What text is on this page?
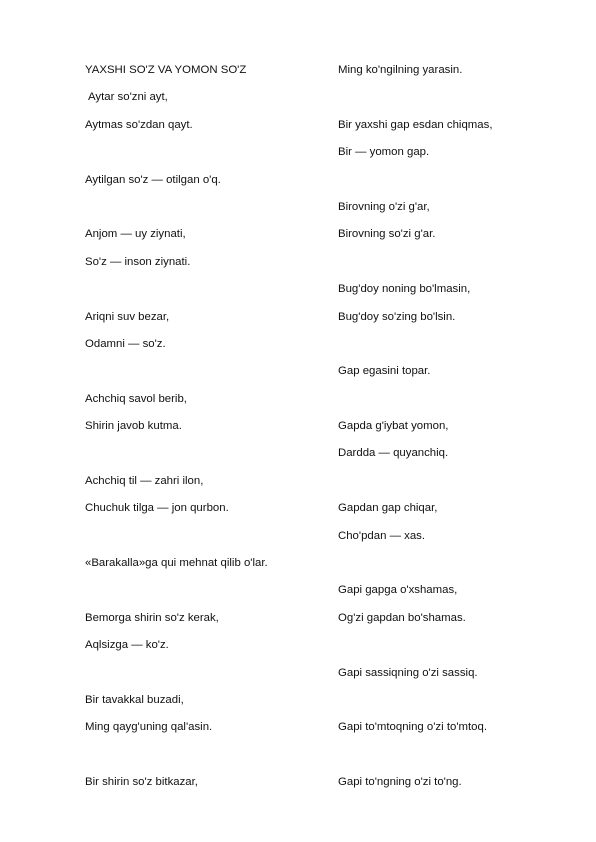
YAXSHI SO'Z VA YOMON SO'Z
Aytar so'zni ayt,
Aytmas so'zdan qayt.
Aytilgan so'z — otilgan o'q.
Anjom — uy ziynati,
So'z — inson ziynati.
Ariqni suv bezar,
Odamni — so'z.
Achchiq savol berib,
Shirin javob kutma.
Achchiq til — zahri ilon,
Chuchuk tilga — jon qurbon.
«Barakalla»ga qui mehnat qilib o'lar.
Bemorga shirin so'z kerak,
Aqlsizga — ko'z.
Bir tavakkal buzadi,
Ming qayg'uning qal'asin.
Bir shirin so'z bitkazar,
Ming ko'ngilning yarasin.
Bir yaxshi gap esdan chiqmas,
Bir — yomon gap.
Birovning o'zi g'ar,
Birovning so'zi g'ar.
Bug'doy noning bo'lmasin,
Bug'doy so'zing bo'lsin.
Gap egasini topar.
Gapda g'iybat yomon,
Dardda — quyanchiq.
Gapdan gap chiqar,
Cho'pdan — xas.
Gapi gapga o'xshamas,
Og'zi gapdan bo'shamas.
Gapi sassiqning o'zi sassiq.
Gapi to'mtoqning o'zi to'mtoq.
Gapi to'ngning o'zi to'ng.
